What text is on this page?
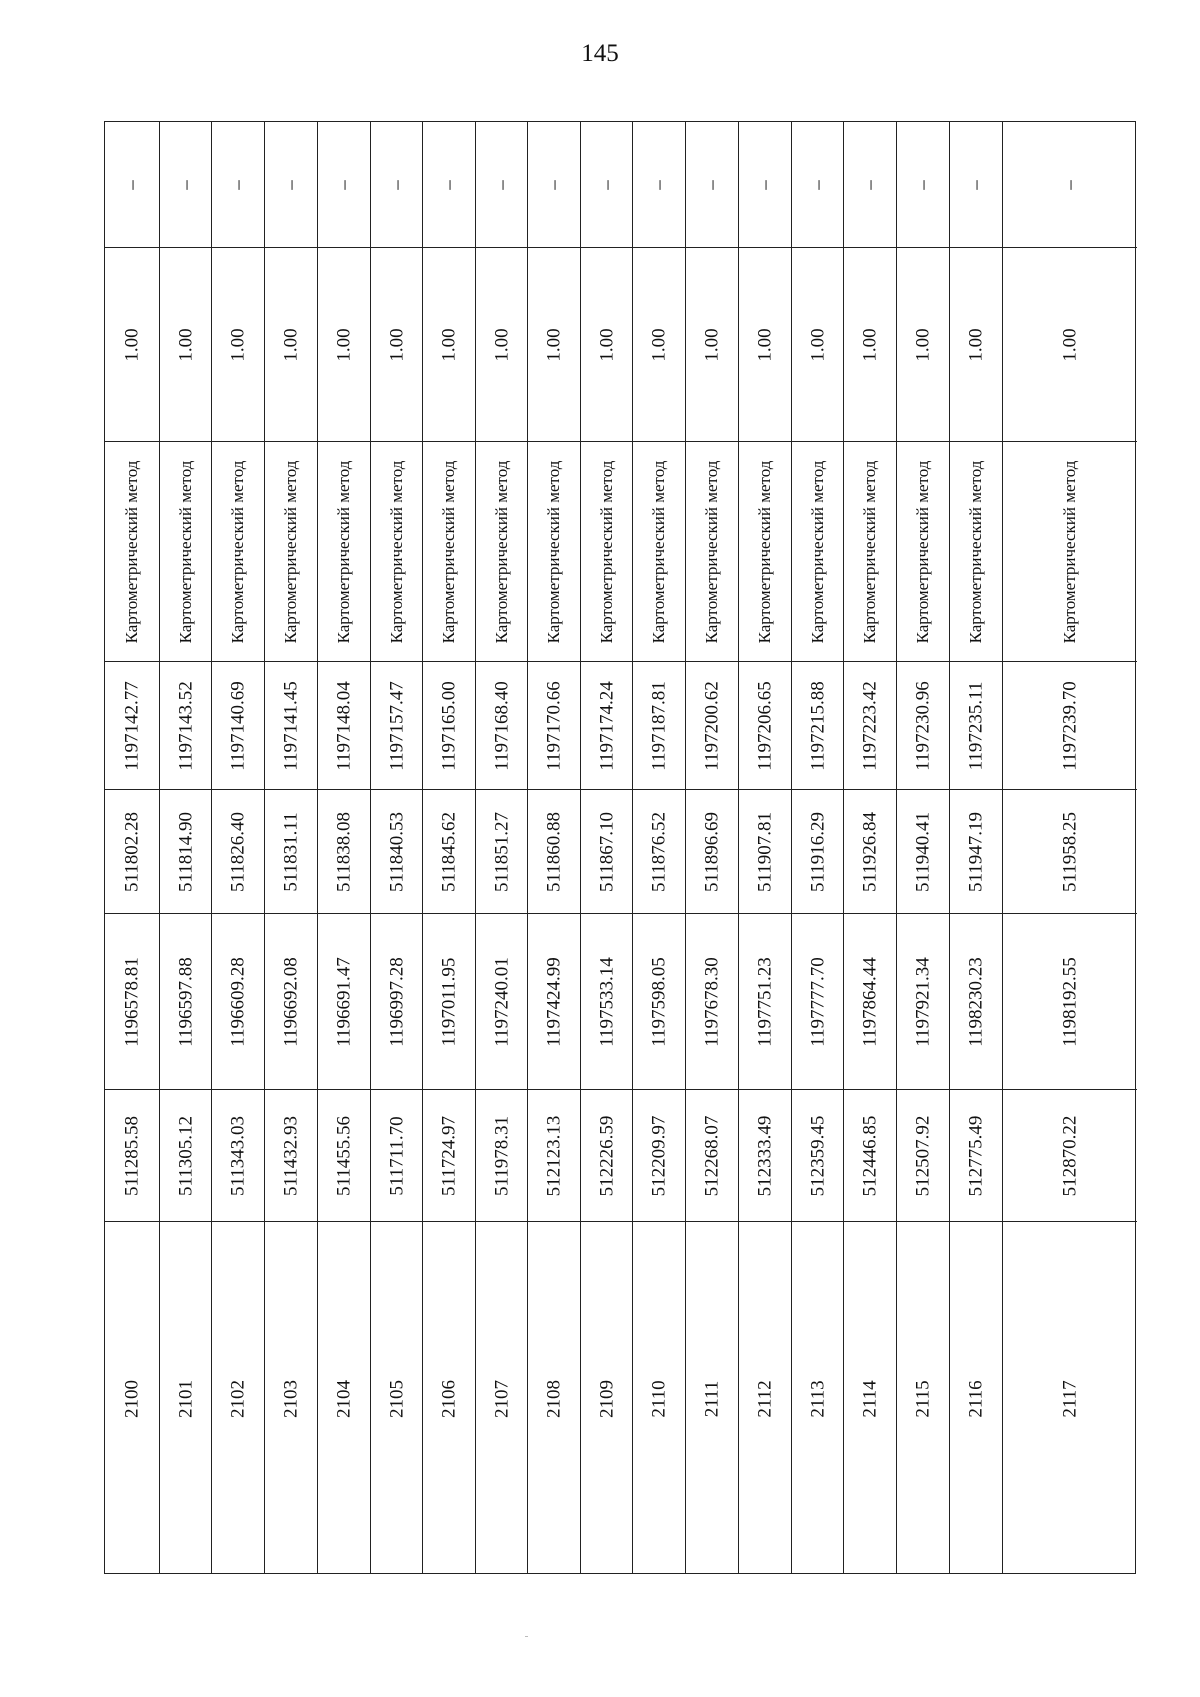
145
–
1.00
Картометрический метод
1197142.77
511802.28
1196578.81
511285.58
2100
–
1.00
Картометрический метод
1197143.52
511814.90
1196597.88
511305.12
2101
–
1.00
Картометрический метод
1197140.69
511826.40
1196609.28
511343.03
2102
–
1.00
Картометрический метод
1197141.45
511831.11
1196692.08
511432.93
2103
–
1.00
Картометрический метод
1197148.04
511838.08
1196691.47
511455.56
2104
–
1.00
Картометрический метод
1197157.47
511840.53
1196997.28
511711.70
2105
–
1.00
Картометрический метод
1197165.00
511845.62
1197011.95
511724.97
2106
–
1.00
Картометрический метод
1197168.40
511851.27
1197240.01
511978.31
2107
–
1.00
Картометрический метод
1197170.66
511860.88
1197424.99
512123.13
2108
–
1.00
Картометрический метод
1197174.24
511867.10
1197533.14
512226.59
2109
–
1.00
Картометрический метод
1197187.81
511876.52
1197598.05
512209.97
2110
–
1.00
Картометрический метод
1197200.62
511896.69
1197678.30
512268.07
2111
–
1.00
Картометрический метод
1197206.65
511907.81
1197751.23
512333.49
2112
–
1.00
Картометрический метод
1197215.88
511916.29
1197777.70
512359.45
2113
–
1.00
Картометрический метод
1197223.42
511926.84
1197864.44
512446.85
2114
–
1.00
Картометрический метод
1197230.96
511940.41
1197921.34
512507.92
2115
–
1.00
Картометрический метод
1197235.11
511947.19
1198230.23
512775.49
2116
–
1.00
Картометрический метод
1197239.70
511958.25
1198192.55
512870.22
2117
